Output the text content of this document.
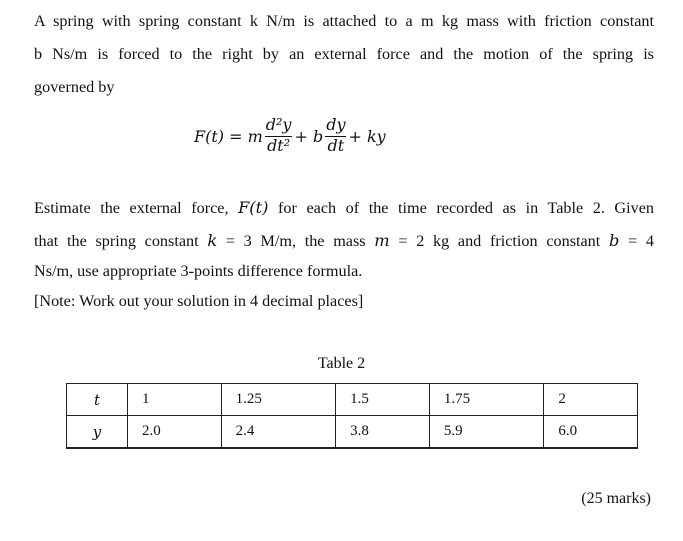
A spring with spring constant k N/m is attached to a m kg mass with friction constant

b Ns/m is forced to the right by an external force and the motion of the spring is

governed by

F(t) = m $\frac{\text{d²y}}{\text{dt²}} + b \frac{dy}{dt}$ + ky

Estimate the external force, F(t) for each of the time recorded as in Table 2. Given

that the spring constant k = 3 M/m, the mass m = 2 kg and friction constant b = 4

Ns/m, use appropriate 3-points difference formula.

[Note: Work out your solution in 4 decimal places]

Table 2
t	1	1.25	1.5	1.75	2
y	2.0	2.4	3.8	5.9	6.0
(25 marks)
